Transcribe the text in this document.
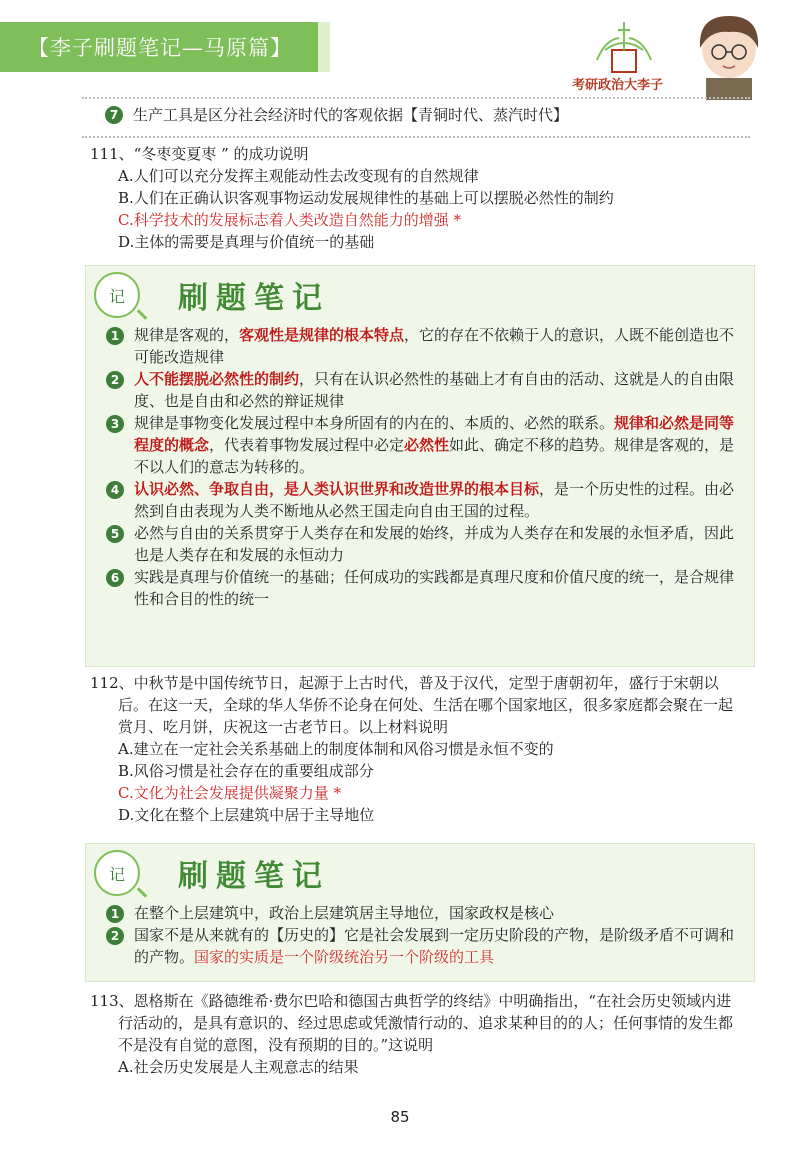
【李子刷题笔记—马原篇】
考研政治大李子
7 生产工具是区分社会经济时代的客观依据【青铜时代、蒸汽时代】
111、“冬枣变夏枣 ” 的成功说明
A.人们可以充分发挥主观能动性去改变现有的自然规律
B.人们在正确认识客观事物运动发展规律性的基础上可以摆脱必然性的制约
C.科学技术的发展标志着人类改造自然能力的增强 *
D.主体的需要是真理与价值统一的基础
记 刷题笔记
1 规律是客观的，客观性是规律的根本特点，它的存在不依赖于人的意识，人既不能创造也不可能改造规律
2 人不能摆脱必然性的制约，只有在认识必然性的基础上才有自由的活动、这就是人的自由限度、也是自由和必然的辩证规律
3 规律是事物变化发展过程中本身所固有的内在的、本质的、必然的联系。规律和必然是同等程度的概念，代表着事物发展过程中必定必然性如此、确定不移的趋势。规律是客观的，是不以人们的意志为转移的。
4 认识必然、争取自由，是人类认识世界和改造世界的根本目标，是一个历史性的过程。由必然到自由表现为人类不断地从必然王国走向自由王国的过程。
5 必然与自由的关系贯穿于人类存在和发展的始终，并成为人类存在和发展的永恒矛盾，因此也是人类存在和发展的永恒动力
6 实践是真理与价值统一的基础；任何成功的实践都是真理尺度和价值尺度的统一，是合规律性和合目的性的统一
112、中秋节是中国传统节日，起源于上古时代，普及于汉代，定型于唐朝初年，盛行于宋朝以后。在这一天，全球的华人华侨不论身在何处、生活在哪个国家地区，很多家庭都会聚在一起赏月、吃月饼，庆祝这一古老节日。以上材料说明
A.建立在一定社会关系基础上的制度体制和风俗习惯是永恒不变的
B.风俗习惯是社会存在的重要组成部分
C.文化为社会发展提供凝聚力量 *
D.文化在整个上层建筑中居于主导地位
记 刷题笔记
1 在整个上层建筑中，政治上层建筑居主导地位，国家政权是核心
2 国家不是从来就有的【历史的】它是社会发展到一定历史阶段的产物，是阶级矛盾不可调和的产物。国家的实质是一个阶级统治另一个阶级的工具
113、恩格斯在《路德维希·费尔巴哈和德国古典哲学的终结》中明确指出，“在社会历史领域内进行活动的，是具有意识的、经过思虑或凭激情行动的、追求某种目的的人；任何事情的发生都不是没有自觉的意图，没有预期的目的。”这说明
A.社会历史发展是人主观意志的结果
85
